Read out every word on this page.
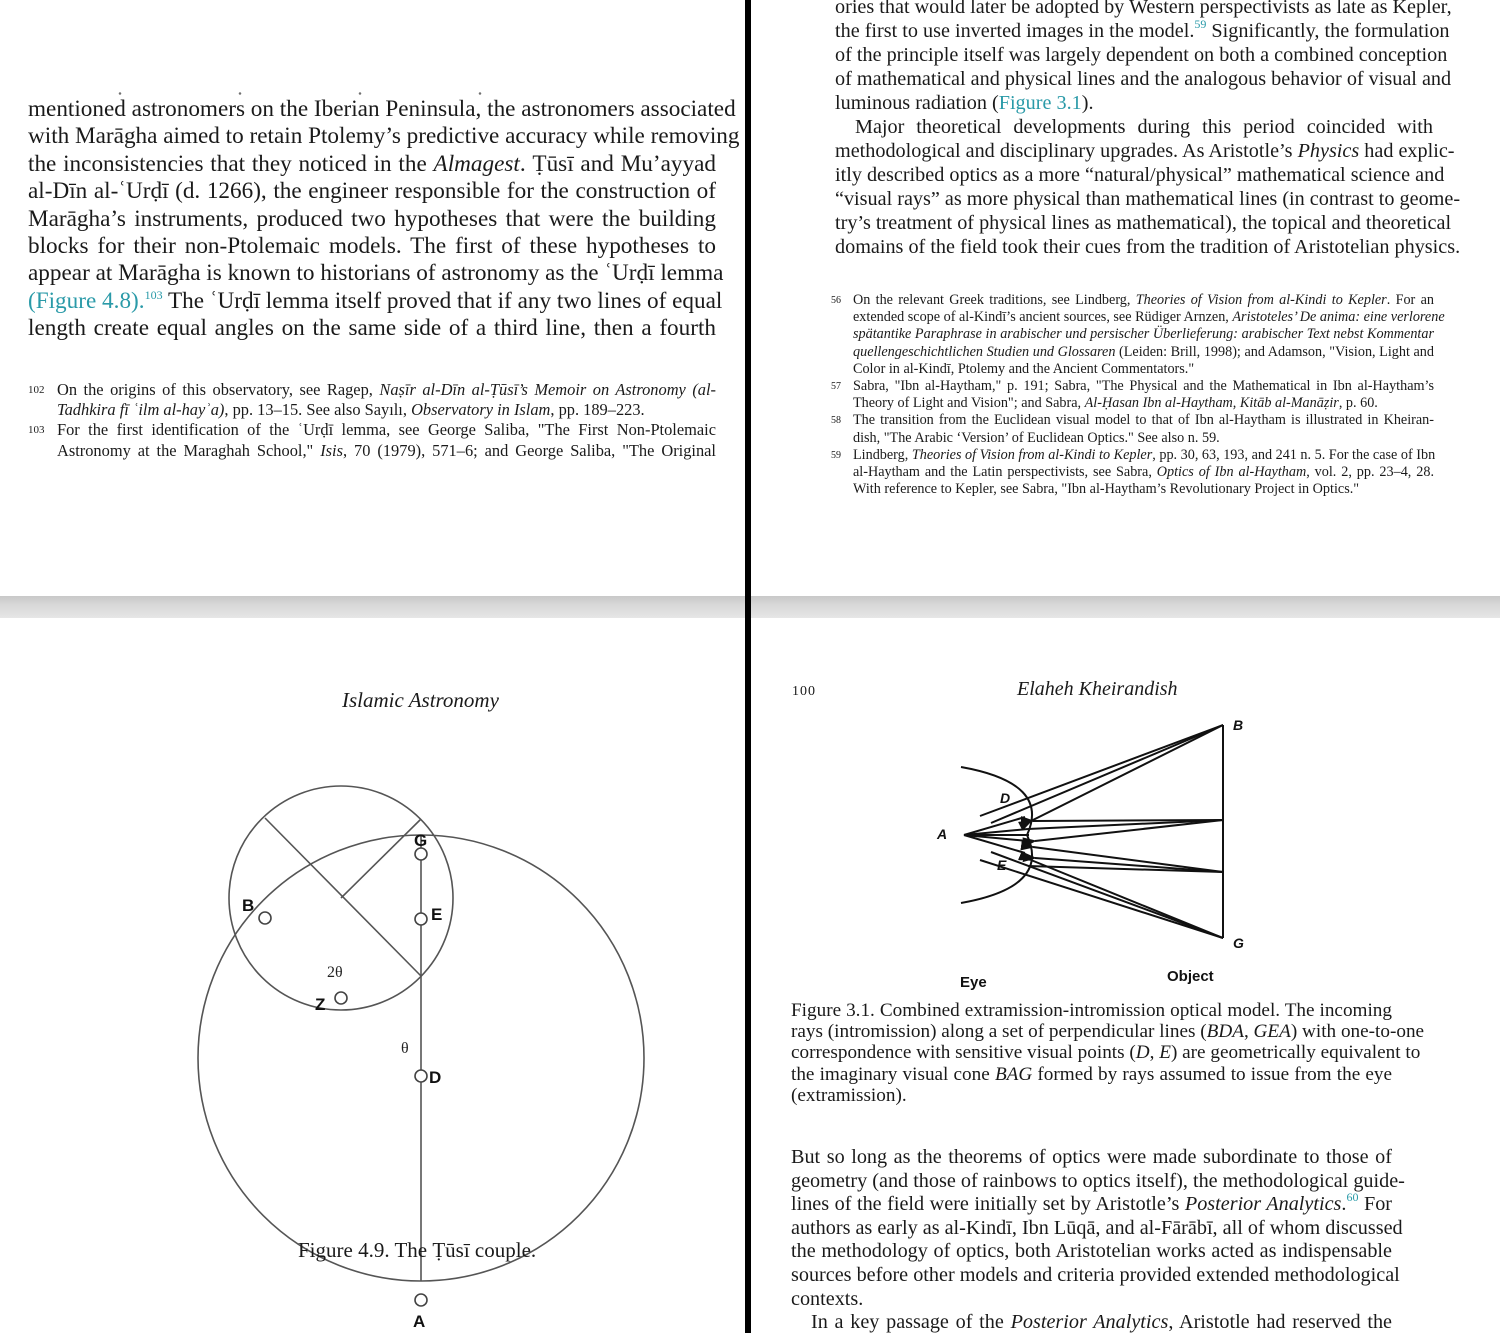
mentioned astronomers on the Iberian Peninsula, the astronomers associated
with Marāgha aimed to retain Ptolemy’s predictive accuracy while removing
the inconsistencies that they noticed in the Almagest. Ṭūsī and Mu’ayyad
al-Dīn al-ʿUrḍī (d. 1266), the engineer responsible for the construction of
Marāgha’s instruments, produced two hypotheses that were the building
blocks for their non-Ptolemaic models. The first of these hypotheses to
appear at Marāgha is known to historians of astronomy as the ʿUrḍī lemma
(Figure 4.8).$^{103}$ The ʿUrḍī lemma itself proved that if any two lines of equal
length create equal angles on the same side of a third line, then a fourth
102 On the origins of this observatory, see Ragep, Naṣīr al-Dīn al-Ṭūsī’s Memoir on Astronomy (al-
Tadhkira fī ʿilm al-hayʾa), pp. 13–15. See also Sayılı, Observatory in Islam, pp. 189–223.
103 For the first identification of the ʿUrḍī lemma, see George Saliba, "The First Non-Ptolemaic
Astronomy at the Maraghah School," Isis, 70 (1979), 571–6; and George Saliba, "The Original
ories that would later be adopted by Western perspectivists as late as Kepler,
the first to use inverted images in the model.$^{59}$ Significantly, the formulation
of the principle itself was largely dependent on both a combined conception
of mathematical and physical lines and the analogous behavior of visual and
luminous radiation (Figure 3.1).
Major theoretical developments during this period coincided with
methodological and disciplinary upgrades. As Aristotle’s Physics had explic-
itly described optics as a more “natural/physical” mathematical science and
“visual rays” as more physical than mathematical lines (in contrast to geome-
try’s treatment of physical lines as mathematical), the topical and theoretical
domains of the field took their cues from the tradition of Aristotelian physics.
56 On the relevant Greek traditions, see Lindberg, Theories of Vision from al-Kindi to Kepler. For an
extended scope of al-Kindī’s ancient sources, see Rüdiger Arnzen, Aristoteles’ De anima: eine verlorene
spätantike Paraphrase in arabischer und persischer Überlieferung: arabischer Text nebst Kommentar
quellengeschichtlichen Studien und Glossaren (Leiden: Brill, 1998); and Adamson, "Vision, Light and
Color in al-Kindī, Ptolemy and the Ancient Commentators."
57 Sabra, "Ibn al-Haytham," p. 191; Sabra, "The Physical and the Mathematical in Ibn al-Haytham’s
Theory of Light and Vision"; and Sabra, Al-Ḥasan Ibn al-Haytham, Kitāb al-Manāẓir, p. 60.
58 The transition from the Euclidean visual model to that of Ibn al-Haytham is illustrated in Kheiran-
dish, "The Arabic ‘Version’ of Euclidean Optics." See also n. 59.
59 Lindberg, Theories of Vision from al-Kindi to Kepler, pp. 30, 63, 193, and 241 n. 5. For the case of Ibn
al-Haytham and the Latin perspectivists, see Sabra, Optics of Ibn al-Haytham, vol. 2, pp. 23–4, 28.
With reference to Kepler, see Sabra, "Ibn al-Haytham’s Revolutionary Project in Optics."
Islamic Astronomy
G
B	E
Z
D
A
2θ
θ
Figure 4.9. The Ṭūsī couple.
100	Elaheh Kheirandish
B
D
A
E
G
Eye	Object
Figure 3.1. Combined extramission-intromission optical model. The incoming
rays (intromission) along a set of perpendicular lines (BDA, GEA) with one-to-one
correspondence with sensitive visual points (D, E) are geometrically equivalent to
the imaginary visual cone BAG formed by rays assumed to issue from the eye
(extramission).
But so long as the theorems of optics were made subordinate to those of
geometry (and those of rainbows to optics itself), the methodological guide-
lines of the field were initially set by Aristotle’s Posterior Analytics.$^{60}$ For
authors as early as al-Kindī, Ibn Lūqā, and al-Fārābī, all of whom discussed
the methodology of optics, both Aristotelian works acted as indispensable
sources before other models and criteria provided extended methodological
contexts.
In a key passage of the Posterior Analytics, Aristotle had reserved the
